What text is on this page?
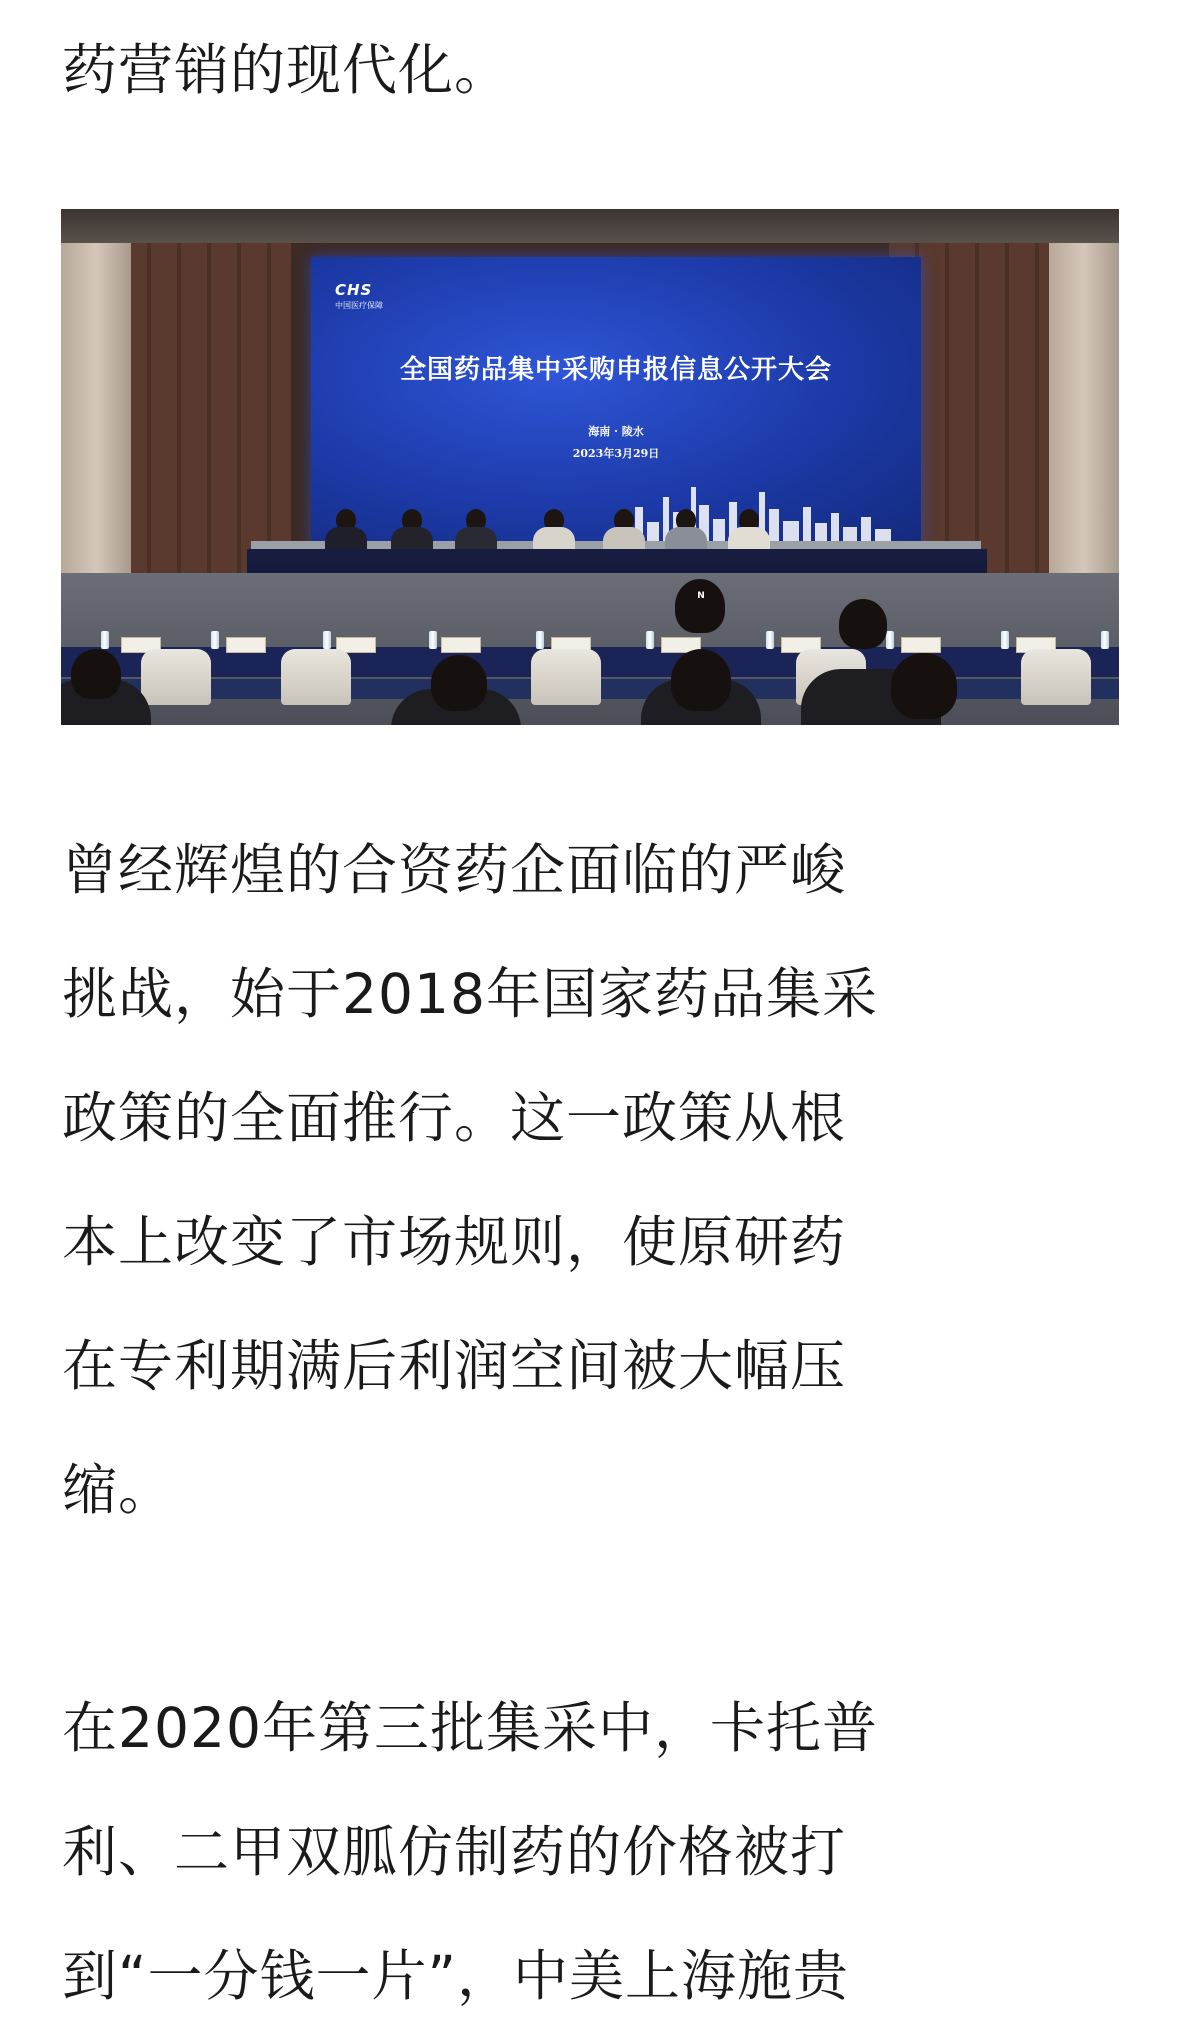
药营销的现代化。

CHS
中国医疗保障
全国药品集中采购申报信息公开大会
海南 · 陵水
2023年3月29日
N

曾经辉煌的合资药企面临的严峻
挑战，始于2018年国家药品集采
政策的全面推行。这一政策从根
本上改变了市场规则，使原研药
在专利期满后利润空间被大幅压
缩。

在2020年第三批集采中，卡托普
利、二甲双胍仿制药的价格被打
到“一分钱一片”，中美上海施贵
